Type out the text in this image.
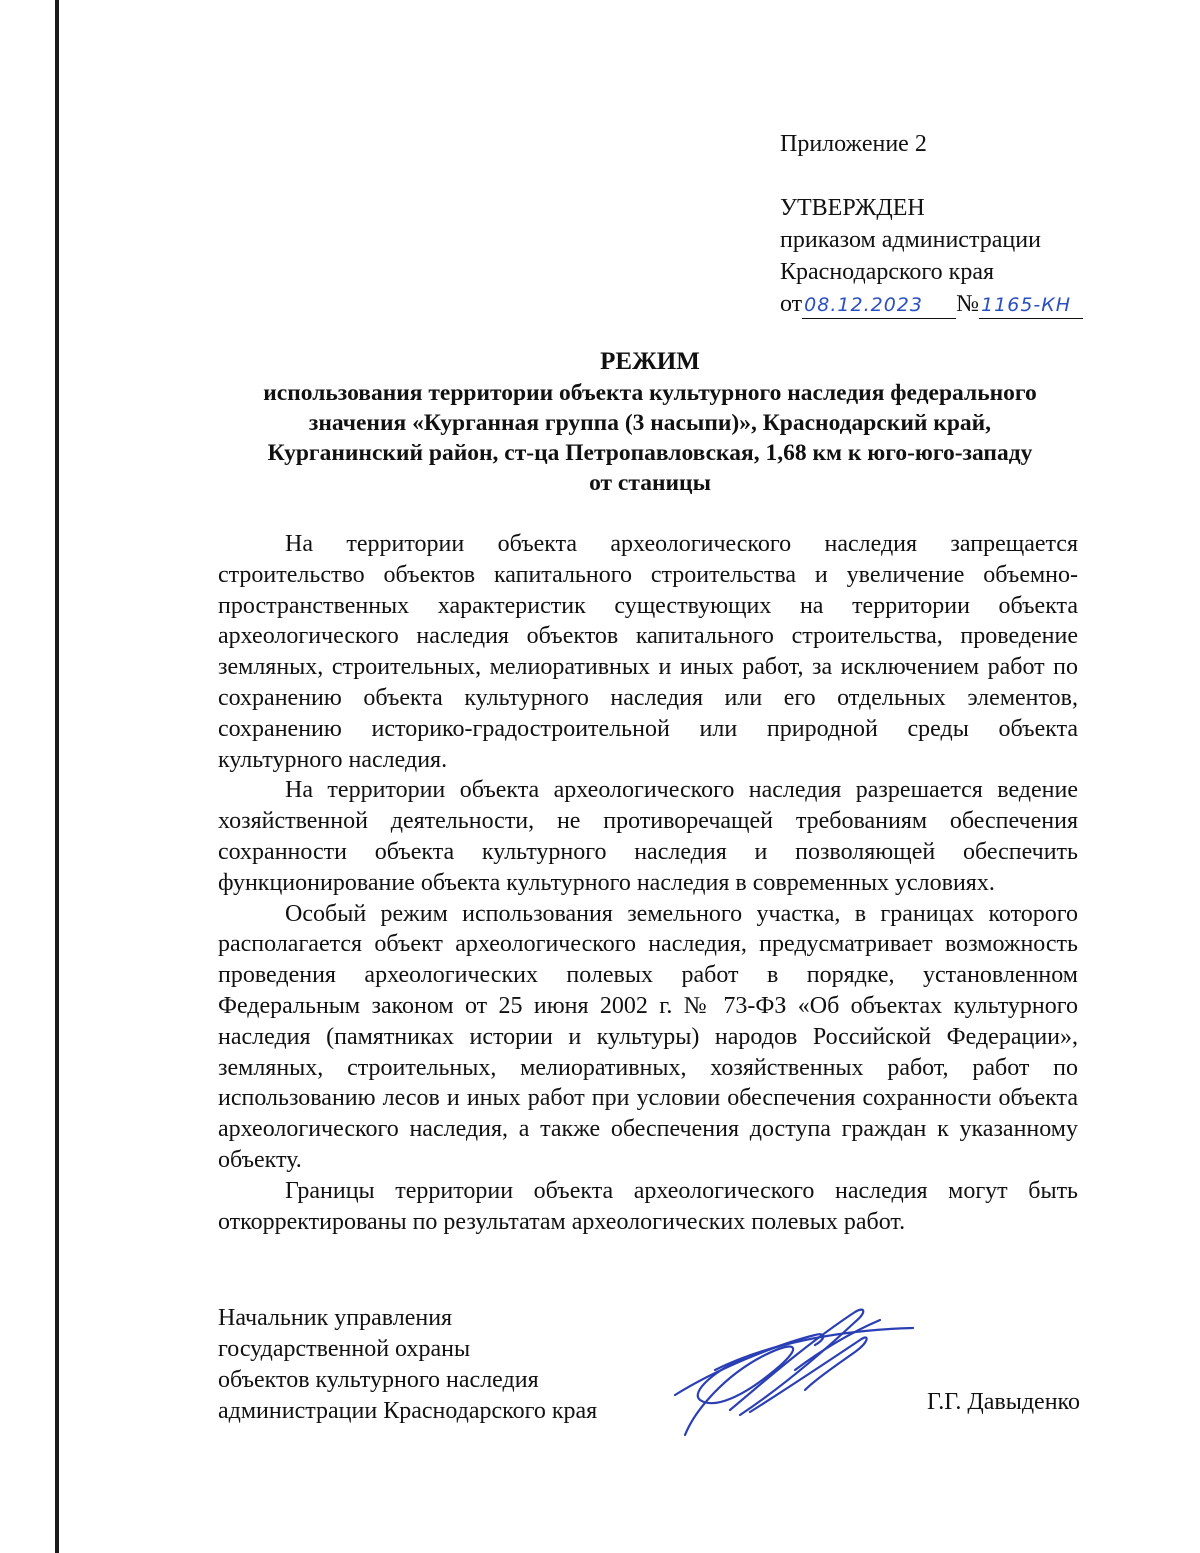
Приложение 2
УТВЕРЖДЕН
приказом администрации
Краснодарского края
от 08.12.2023 № 1165-КН
РЕЖИМ
использования территории объекта культурного наследия федерального
значения «Курганная группа (3 насыпи)», Краснодарский край,
Курганинский район, ст-ца Петропавловская, 1,68 км к юго-юго-западу
от станицы

На территории объекта археологического наследия запрещается строительство объектов капитального строительства и увеличение объемно-пространственных характеристик существующих на территории объекта археологического наследия объектов капитального строительства, проведение земляных, строительных, мелиоративных и иных работ, за исключением работ по сохранению объекта культурного наследия или его отдельных элементов, сохранению историко-градостроительной или природной среды объекта культурного наследия.

На территории объекта археологического наследия разрешается ведение хозяйственной деятельности, не противоречащей требованиям обеспечения сохранности объекта культурного наследия и позволяющей обеспечить функционирование объекта культурного наследия в современных условиях.

Особый режим использования земельного участка, в границах которого располагается объект археологического наследия, предусматривает возможность проведения археологических полевых работ в порядке, установленном Федеральным законом от 25 июня 2002 г. № 73-ФЗ «Об объектах культурного наследия (памятниках истории и культуры) народов Российской Федерации», земляных, строительных, мелиоративных, хозяйственных работ, работ по использованию лесов и иных работ при условии обеспечения сохранности объекта археологического наследия, а также обеспечения доступа граждан к указанному объекту.

Границы территории объекта археологического наследия могут быть откорректированы по результатам археологических полевых работ.

Начальник управления
государственной охраны
объектов культурного наследия
администрации Краснодарского края	Г.Г. Давыденко
